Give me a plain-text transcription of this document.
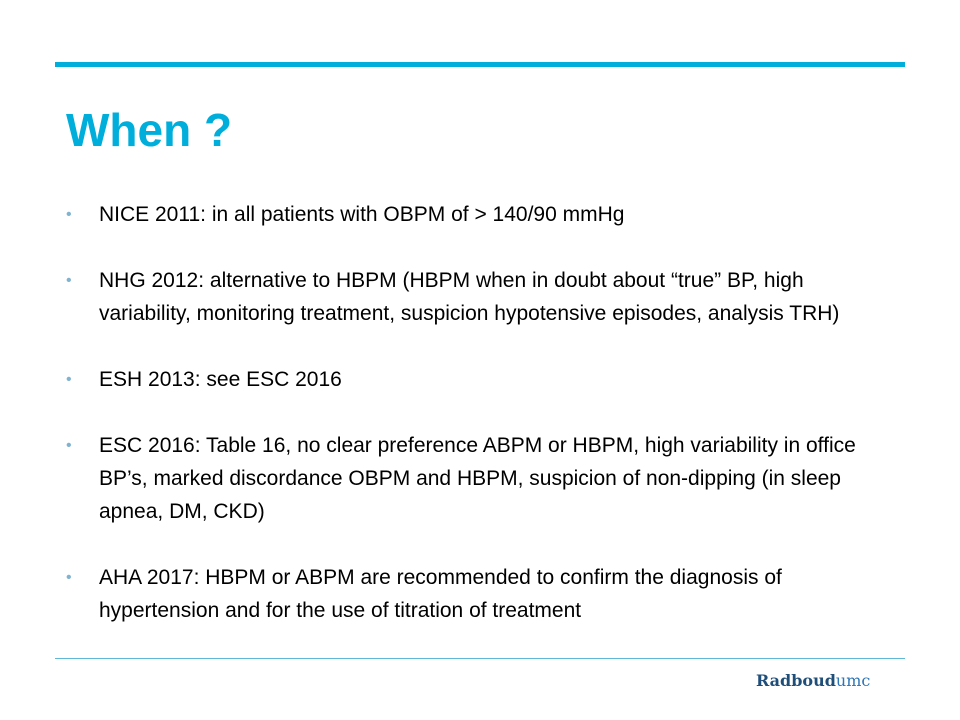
When ?
• NICE 2011: in all patients with OBPM of > 140/90 mmHg
• NHG 2012: alternative to HBPM (HBPM when in doubt about “true” BP, high variability, monitoring treatment, suspicion hypotensive episodes, analysis TRH)
• ESH 2013: see ESC 2016
• ESC 2016: Table 16, no clear preference ABPM or HBPM, high variability in office BP’s, marked discordance OBPM and HBPM, suspicion of non-dipping (in sleep apnea, DM, CKD)
• AHA 2017: HBPM or ABPM are recommended to confirm the diagnosis of hypertension and for the use of titration of treatment
Radboudumc
